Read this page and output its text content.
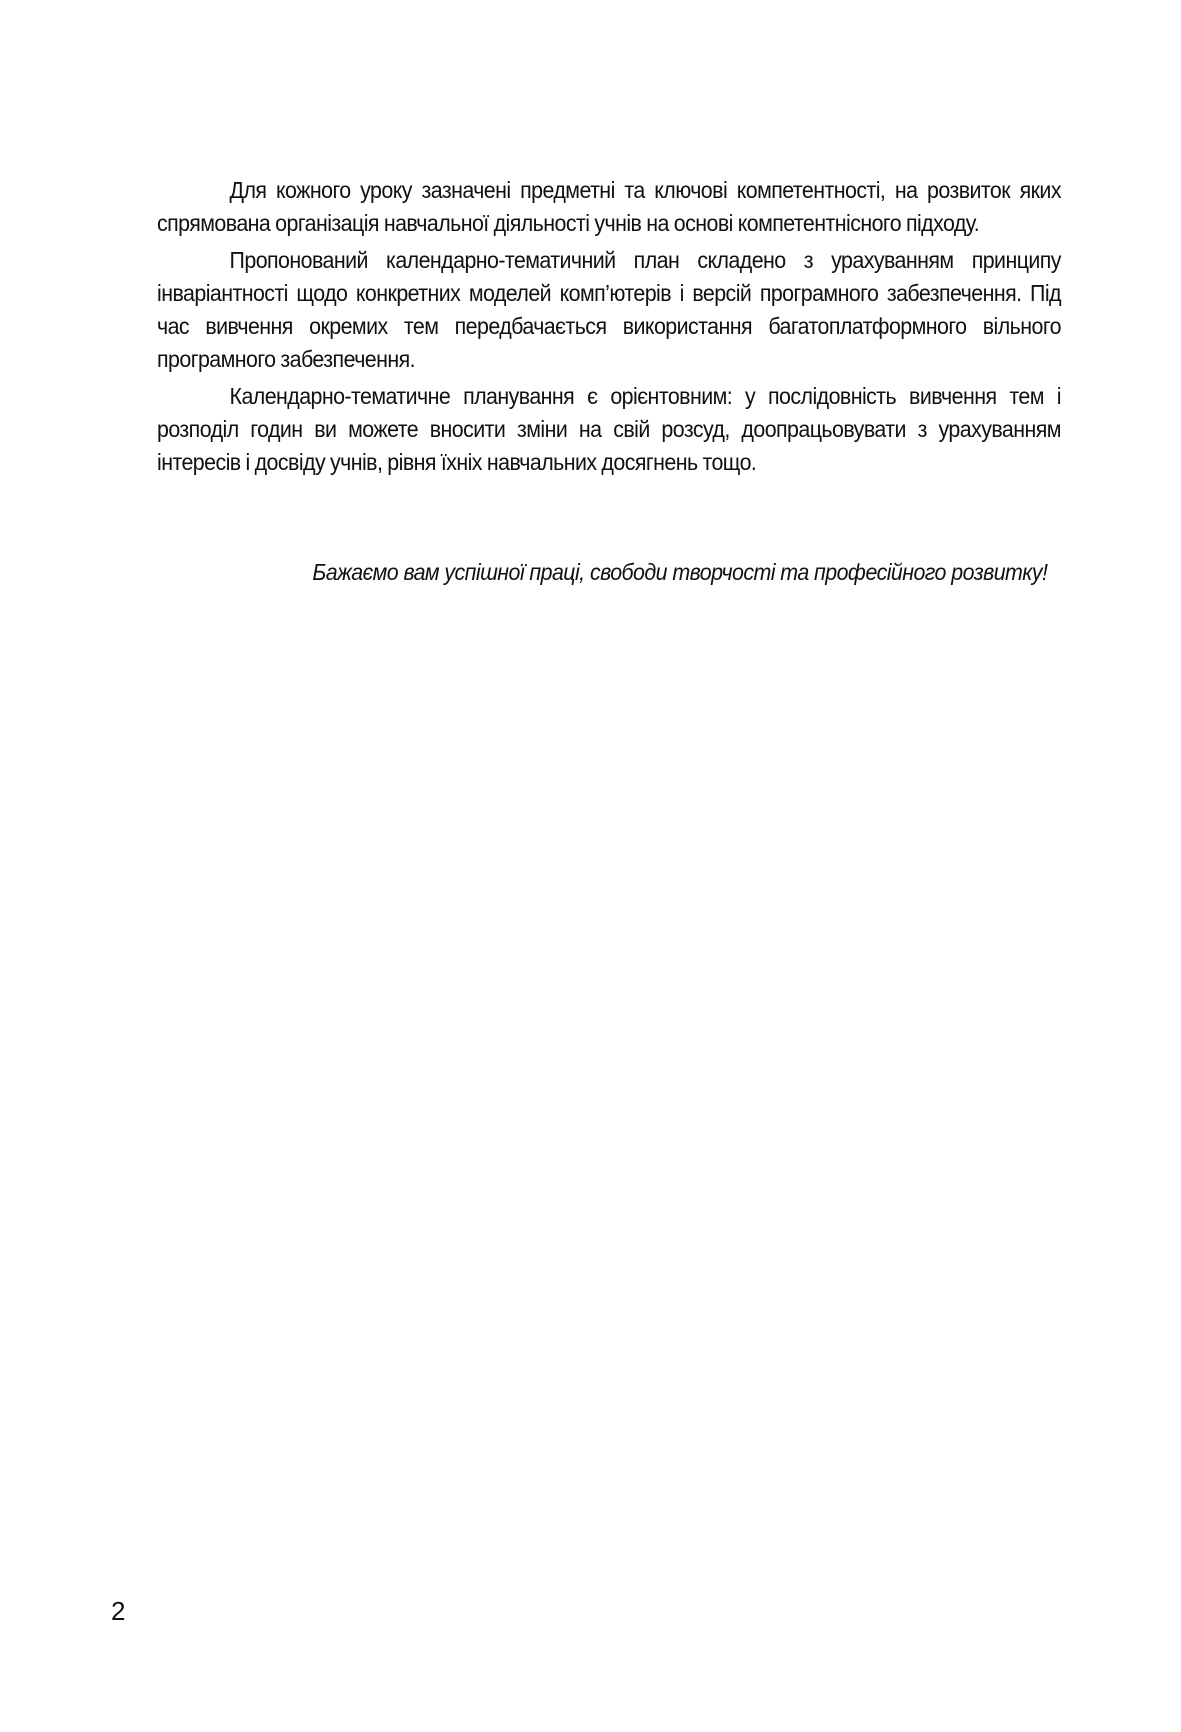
Для кожного уроку зазначені предметні та ключові компетентності, на розвиток яких спрямована організація навчальної діяльності учнів на основі компетентнісного підходу.

Пропонований календарно-тематичний план складено з урахуванням принципу інваріантності щодо конкретних моделей комп’ютерів і версій програмного забезпечення. Під час вивчення окремих тем передбачається використання багатоплатформного вільного програмного забезпечення.

Календарно-тематичне планування є орієнтовним: у послідовність вивчення тем і розподіл годин ви можете вносити зміни на свій розсуд, доопрацьовувати з урахуванням інтересів і досвіду учнів, рівня їхніх навчальних досягнень тощо.

Бажаємо вам успішної праці, свободи творчості та професійного розвитку!

2
